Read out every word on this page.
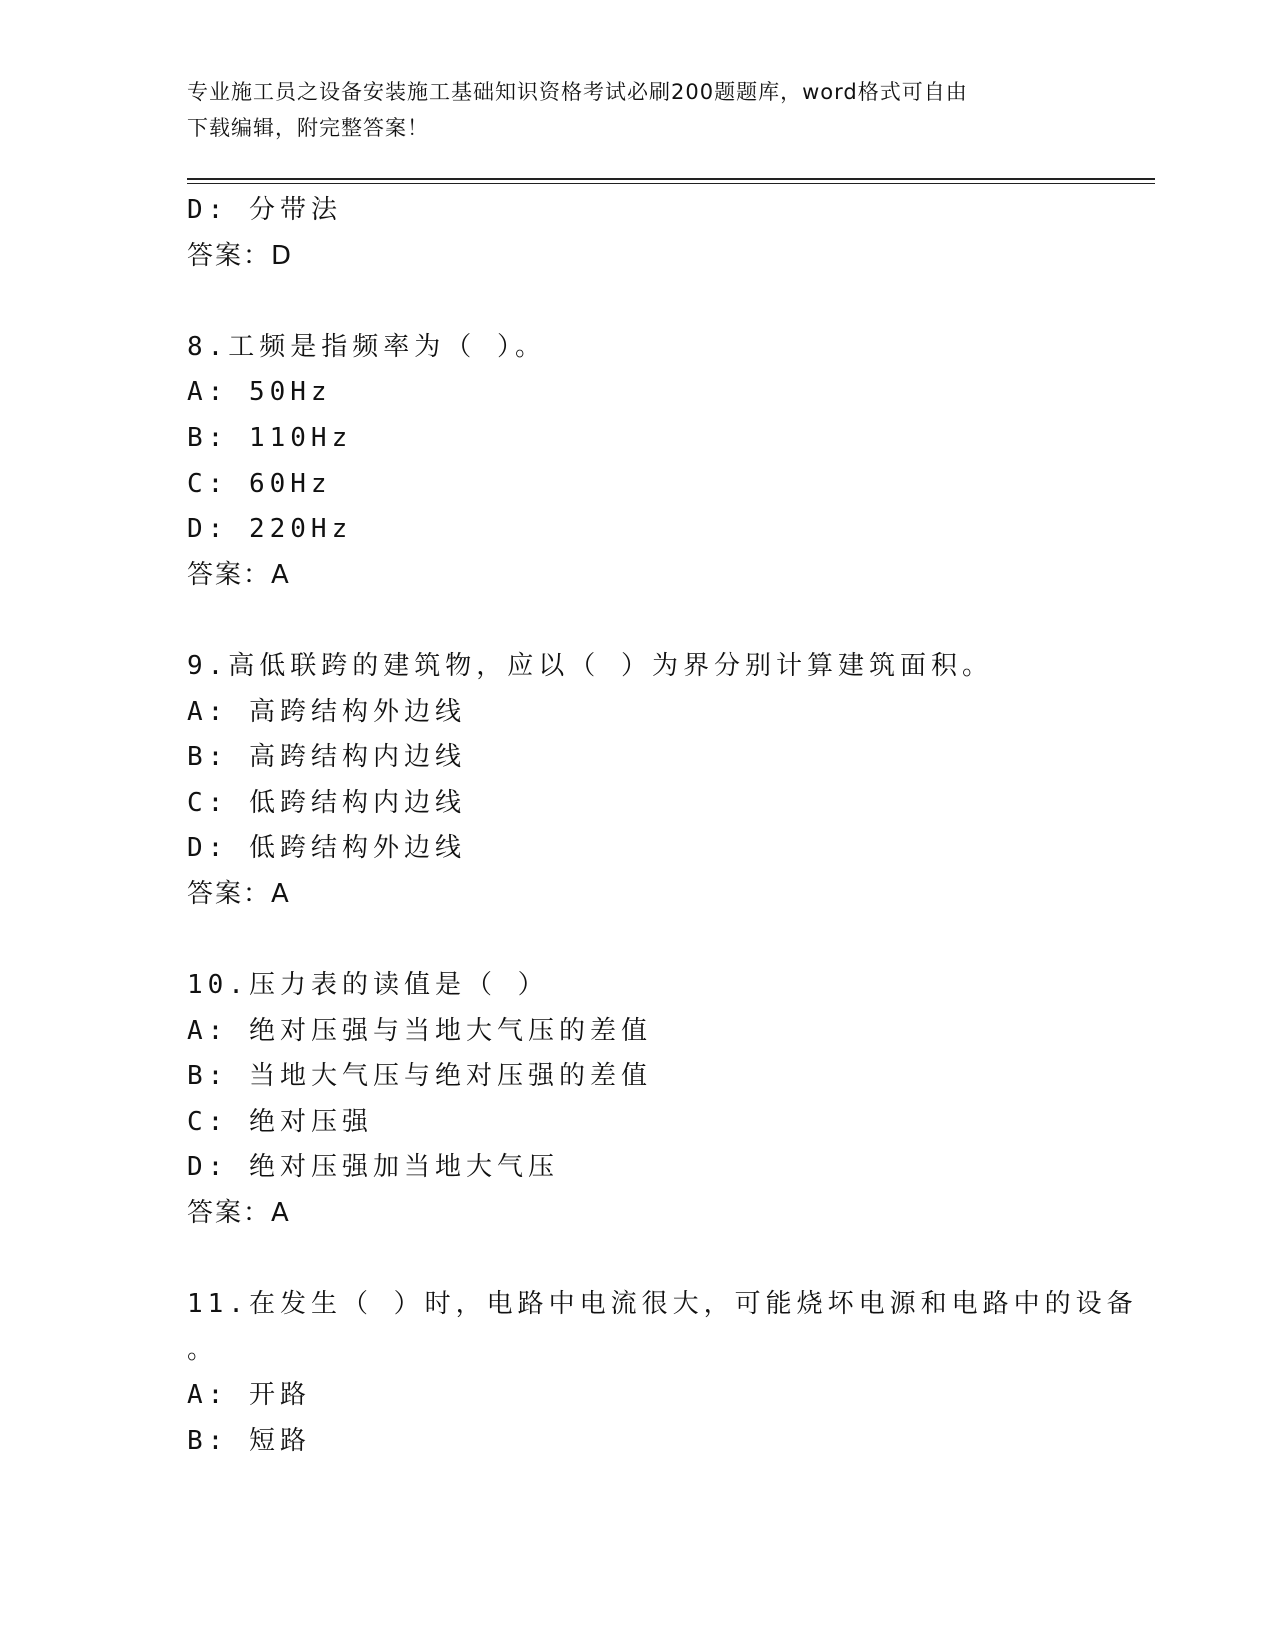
专业施工员之设备安装施工基础知识资格考试必刷200题题库，word格式可自由
下载编辑，附完整答案！
D: 分带法
答案：D
8.工频是指频率为（ ）。
A: 50Hz
B: 110Hz
C: 60Hz
D: 220Hz
答案：A
9.高低联跨的建筑物，应以（ ）为界分别计算建筑面积。
A: 高跨结构外边线
B: 高跨结构内边线
C: 低跨结构内边线
D: 低跨结构外边线
答案：A
10.压力表的读值是（ ）
A: 绝对压强与当地大气压的差值
B: 当地大气压与绝对压强的差值
C: 绝对压强
D: 绝对压强加当地大气压
答案：A
11.在发生（ ）时，电路中电流很大，可能烧坏电源和电路中的设备
。
A: 开路
B: 短路
